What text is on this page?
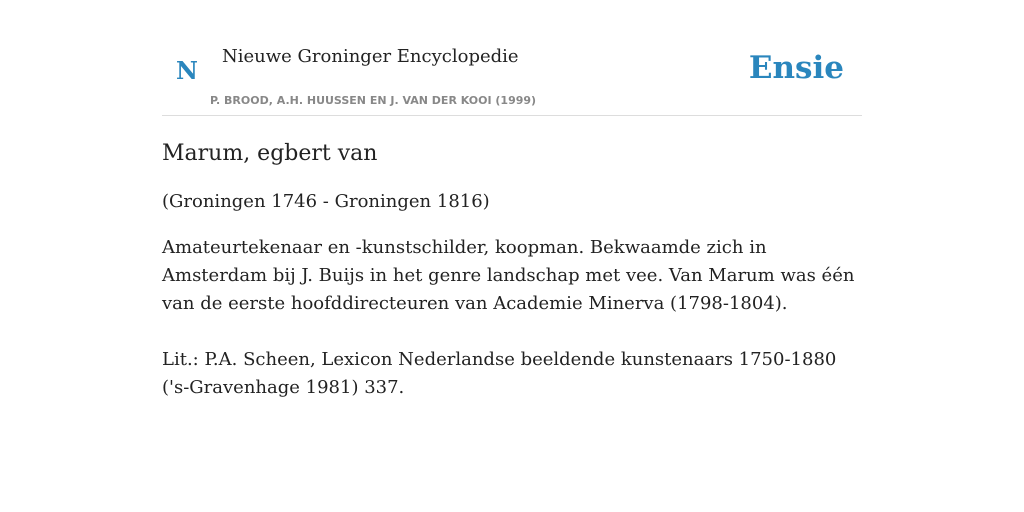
N Nieuwe Groninger Encyclopedie
P. BROOD, A.H. HUUSSEN EN J. VAN DER KOOI (1999)
Ensie
Marum, egbert van

(Groningen 1746 - Groningen 1816)

Amateurtekenaar en -kunstschilder, koopman. Bekwaamde zich in Amsterdam bij J. Buijs in het genre landschap met vee. Van Marum was één van de eerste hoofddirecteuren van Academie Minerva (1798-1804).

Lit.: P.A. Scheen, Lexicon Nederlandse beeldende kunstenaars 1750-1880 ('s-Gravenhage 1981) 337.
